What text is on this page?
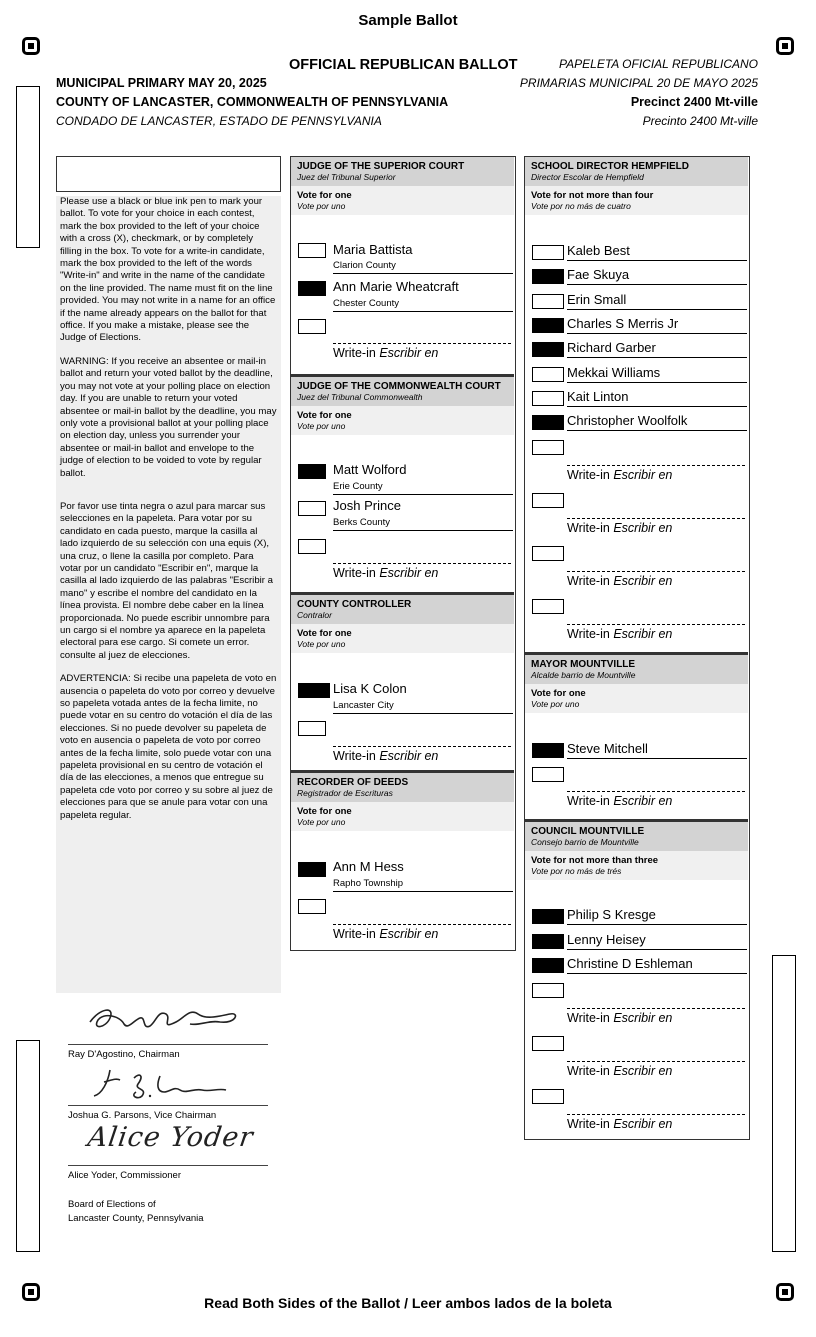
Sample Ballot
OFFICIAL REPUBLICAN BALLOT	PAPELETA OFICIAL REPUBLICANO
MUNICIPAL PRIMARY MAY 20, 2025	PRIMARIAS MUNICIPAL 20 DE MAYO 2025
COUNTY OF LANCASTER, COMMONWEALTH OF PENNSYLVANIA	Precinct 2400 Mt-ville
CONDADO DE LANCASTER, ESTADO DE PENNSYLVANIA	Precinto 2400 Mt-ville

Please use a black or blue ink pen to mark your ballot. To vote for your choice in each contest, mark the box provided to the left of your choice with a cross (X), checkmark, or by completely filling in the box. To vote for a write-in candidate, mark the box provided to the left of the words "Write-in" and write in the name of the candidate on the line provided. The name must fit on the line provided. You may not write in a name for an office if the name already appears on the ballot for that office. If you make a mistake, please see the Judge of Elections.

WARNING: If you receive an absentee or mail-in ballot and return your voted ballot by the deadline, you may not vote at your polling place on election day. If you are unable to return your voted absentee or mail-in ballot by the deadline, you may only vote a provisional ballot at your polling place on election day, unless you surrender your absentee or mail-in ballot and envelope to the judge of election to be voided to vote by regular ballot.

Por favor use tinta negra o azul para marcar sus selecciones en la papeleta. Para votar por su candidato en cada puesto, marque la casilla al lado izquierdo de su selección con una equis (X), una cruz, o llene la casilla por completo. Para votar por un candidato "Escribir en", marque la casilla al lado izquierdo de las palabras "Escribir a mano" y escribe el nombre del candidato en la línea provista. El nombre debe caber en la línea proporcionada. No puede escribir unnombre para un cargo si el nombre ya aparece en la papeleta electoral para ese cargo. Si comete un error. consulte al juez de elecciones.

ADVERTENCIA: Si recibe una papeleta de voto en ausencia o papeleta do voto por correo y devuelve so papeleta votada antes de la fecha limite, no puede votar en su centro do votación el día de las elecciones. Si no puede devolver su papeleta de voto en ausencia o papeleta de voto por correo antes de la fecha limite, solo puede votar con una papeleta provisional en su centro de votación el día de las elecciones, a menos que entregue su papeleta cde voto por correo y su sobre al juez de elecciones para que se anule para votar con una papeleta regular.

Ray D'Agostino, Chairman
Joshua G. Parsons, Vice Chairman
Alice Yoder
Alice Yoder, Commissioner
Board of Elections of
Lancaster County, Pennsylvania
JUDGE OF THE SUPERIOR COURT
Juez del Tribunal Superior
Vote for one
Vote por uno
Maria Battista
Clarion County
Ann Marie Wheatcraft
Chester County
Write-in Escribir en
JUDGE OF THE COMMONWEALTH COURT
Juez del Tribunal Commonwealth
Vote for one
Vote por uno
Matt Wolford
Erie County
Josh Prince
Berks County
Write-in Escribir en
COUNTY CONTROLLER
Contralor
Vote for one
Vote por uno
Lisa K Colon
Lancaster City
Write-in Escribir en
RECORDER OF DEEDS
Registrador de Escrituras
Vote for one
Vote por uno
Ann M Hess
Rapho Township
Write-in Escribir en
SCHOOL DIRECTOR HEMPFIELD
Director Escolar de Hempfield
Vote for not more than four
Vote por no más de cuatro
Kaleb Best
Fae Skuya
Erin Small
Charles S Merris Jr
Richard Garber
Mekkai Williams
Kait Linton
Christopher Woolfolk
Write-in Escribir en
Write-in Escribir en
Write-in Escribir en
Write-in Escribir en
MAYOR MOUNTVILLE
Alcalde barrio de Mountville
Vote for one
Vote por uno
Steve Mitchell
Write-in Escribir en
COUNCIL MOUNTVILLE
Consejo barrio de Mountville
Vote for not more than three
Vote por no más de trés
Philip S Kresge
Lenny Heisey
Christine D Eshleman
Write-in Escribir en
Write-in Escribir en
Write-in Escribir en
Read Both Sides of the Ballot / Leer ambos lados de la boleta
